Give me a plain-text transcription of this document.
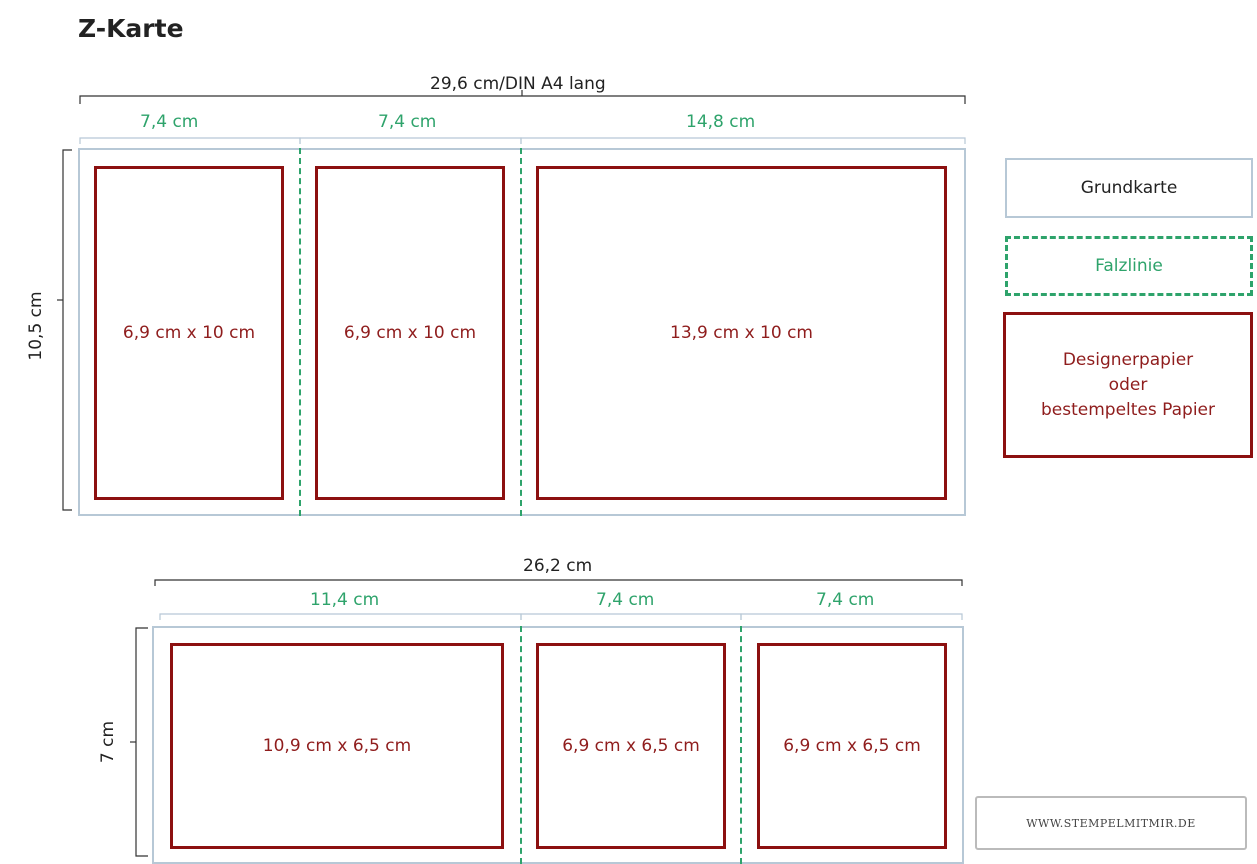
Z-Karte
29,6 cm/DIN A4 lang
7,4 cm	7,4 cm	14,8 cm
10,5 cm	6,9 cm x 10 cm	6,9 cm x 10 cm	13,9 cm x 10 cm
Grundkarte
Falzlinie
Designerpapier
oder
bestempeltes Papier
26,2 cm
11,4 cm	7,4 cm	7,4 cm
7 cm	10,9 cm x 6,5 cm	6,9 cm x 6,5 cm	6,9 cm x 6,5 cm
WWW.STEMPELMITMIR.DE
